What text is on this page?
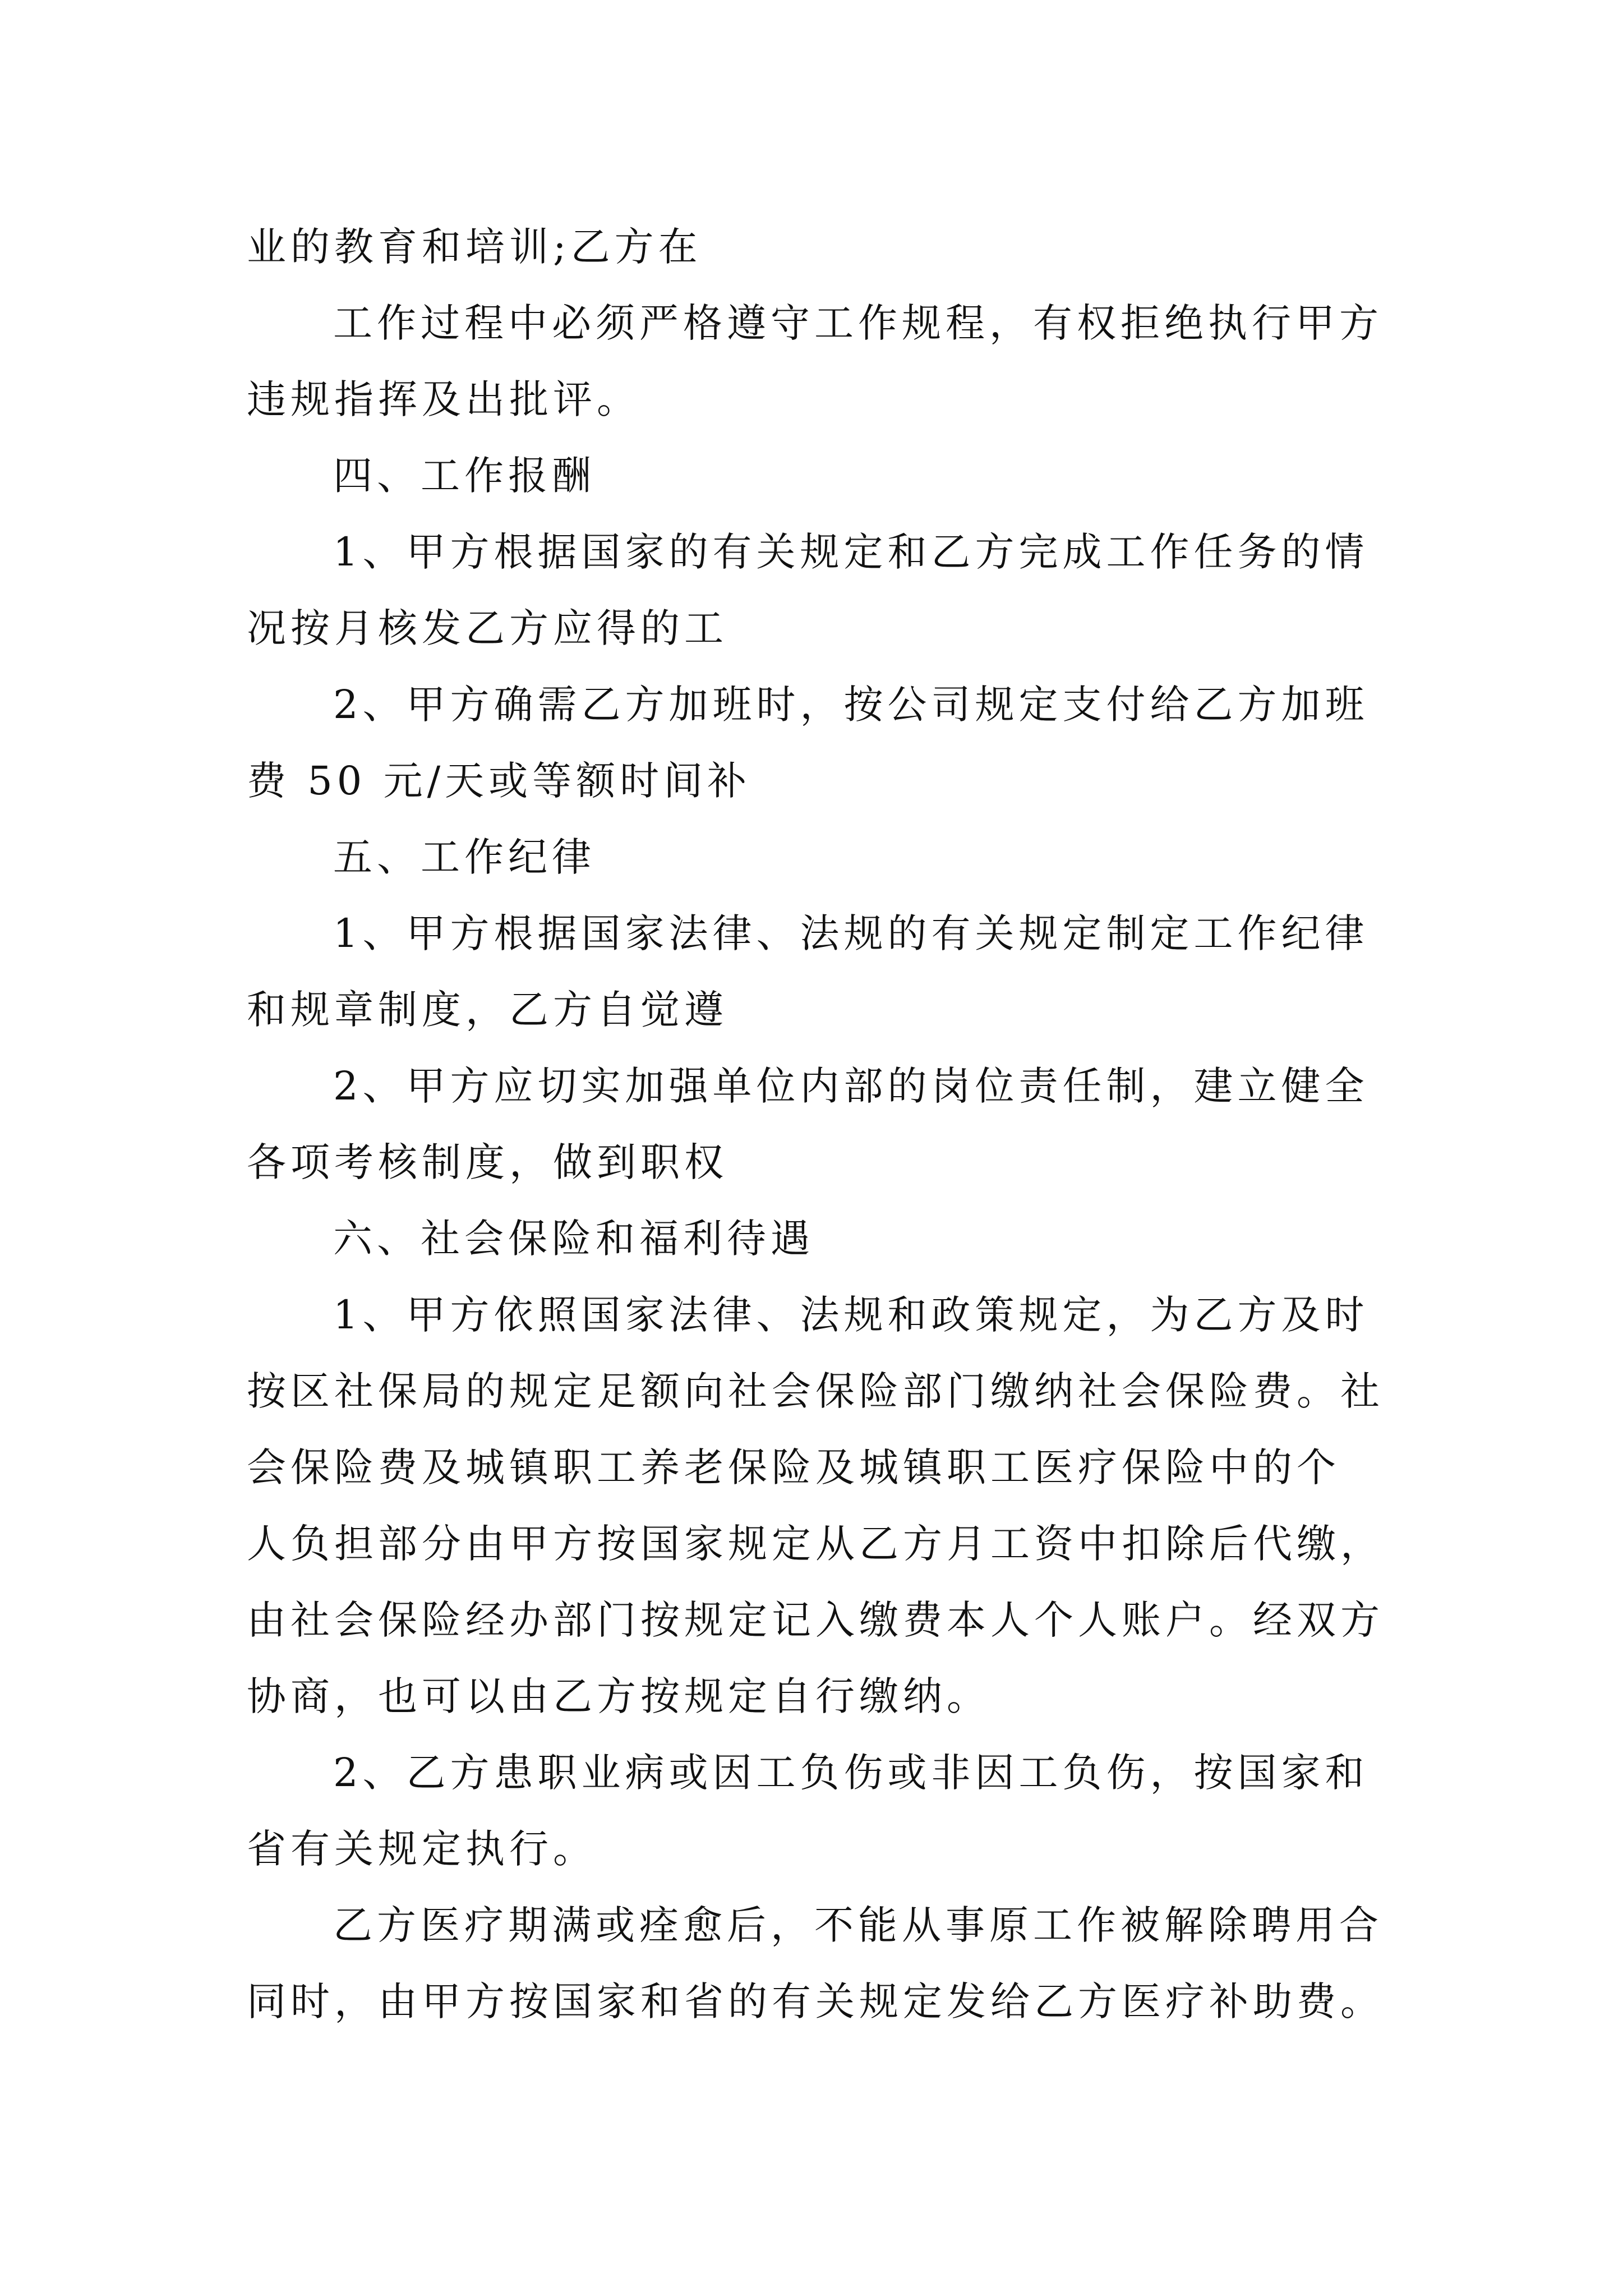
业的教育和培训;乙方在

工作过程中必须严格遵守工作规程，有权拒绝执行甲方
违规指挥及出批评。

四、工作报酬

1、甲方根据国家的有关规定和乙方完成工作任务的情
况按月核发乙方应得的工

2、甲方确需乙方加班时，按公司规定支付给乙方加班
费 50 元/天或等额时间补

五、工作纪律

1、甲方根据国家法律、法规的有关规定制定工作纪律
和规章制度，乙方自觉遵

2、甲方应切实加强单位内部的岗位责任制，建立健全
各项考核制度，做到职权

六、社会保险和福利待遇

1、甲方依照国家法律、法规和政策规定，为乙方及时
按区社保局的规定足额向社会保险部门缴纳社会保险费。社
会保险费及城镇职工养老保险及城镇职工医疗保险中的个
人负担部分由甲方按国家规定从乙方月工资中扣除后代缴，
由社会保险经办部门按规定记入缴费本人个人账户。经双方
协商，也可以由乙方按规定自行缴纳。

2、乙方患职业病或因工负伤或非因工负伤，按国家和
省有关规定执行。

乙方医疗期满或痊愈后，不能从事原工作被解除聘用合
同时，由甲方按国家和省的有关规定发给乙方医疗补助费。
